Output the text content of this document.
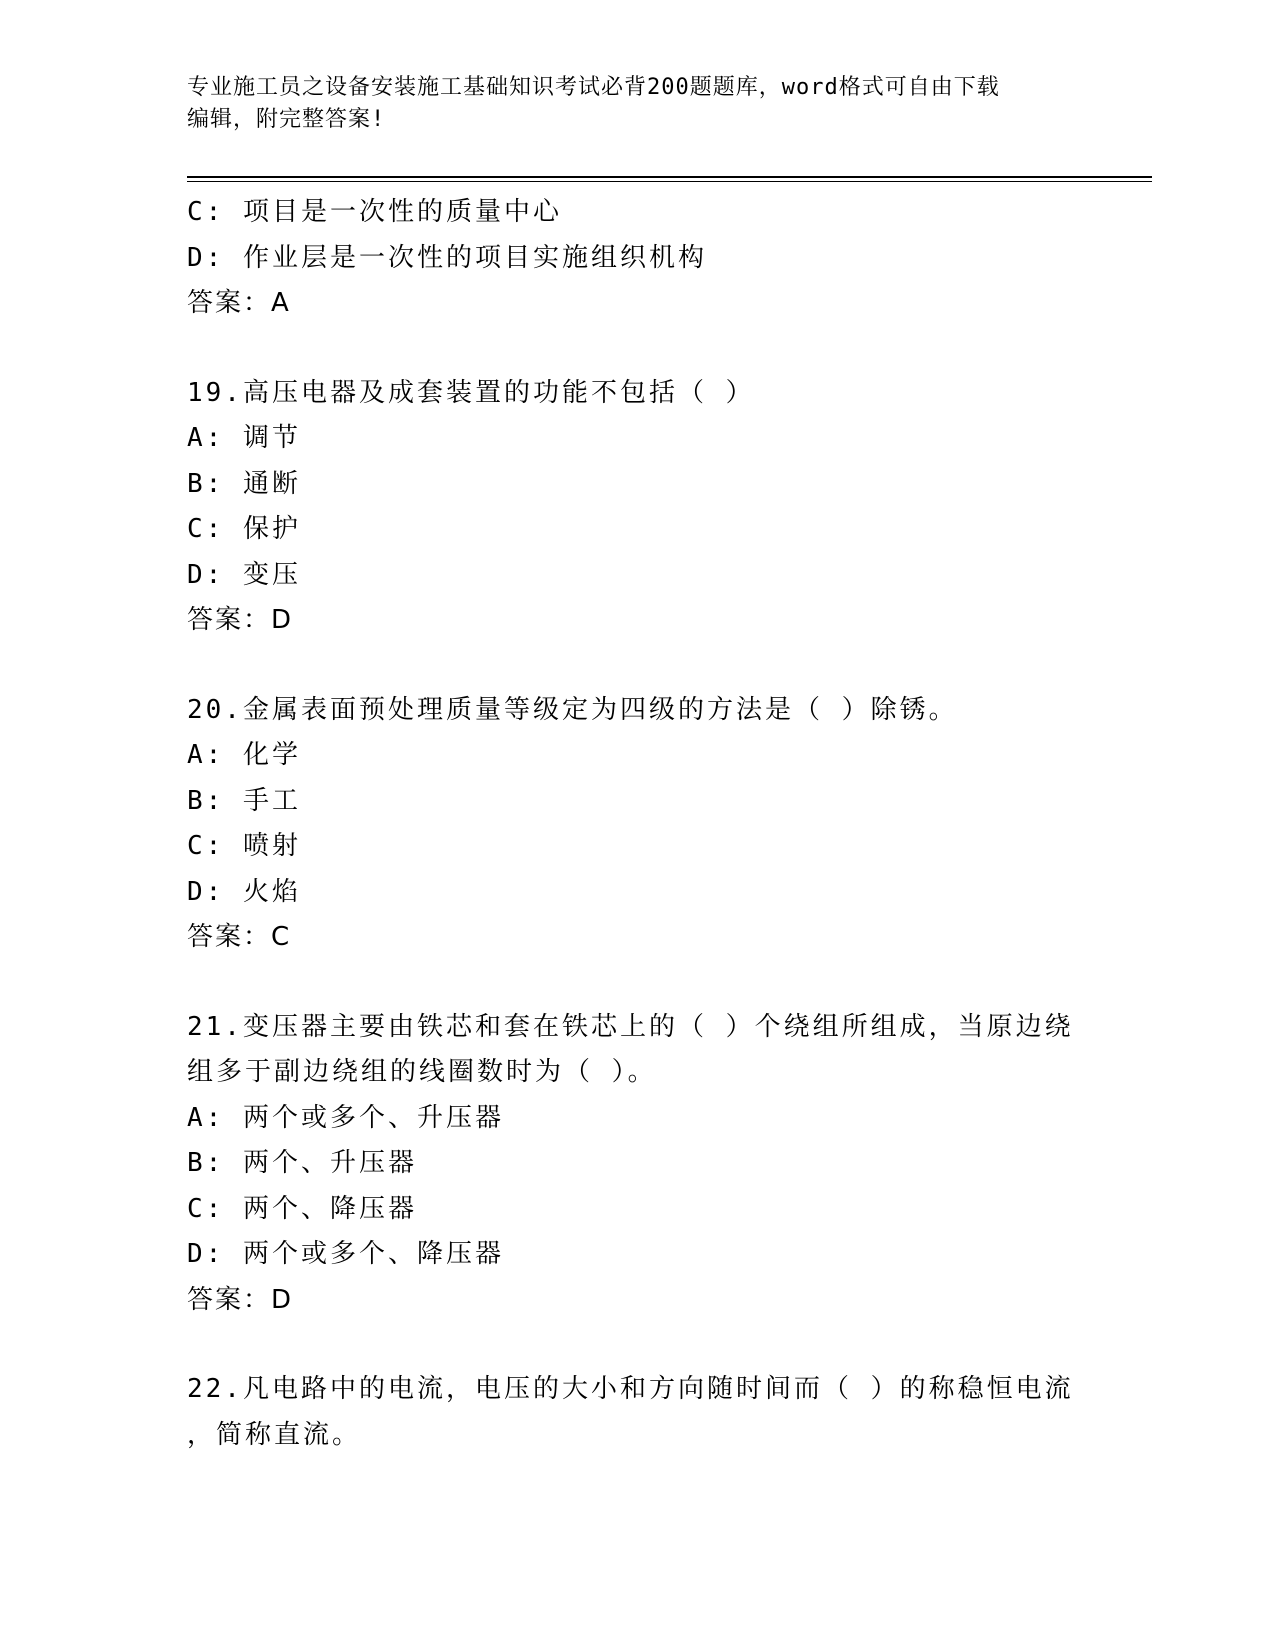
专业施工员之设备安装施工基础知识考试必背200题题库，word格式可自由下载
编辑，附完整答案!
C: 项目是一次性的质量中心
D: 作业层是一次性的项目实施组织机构
答案：A
19.高压电器及成套装置的功能不包括（ ）
A: 调节
B: 通断
C: 保护
D: 变压
答案：D
20.金属表面预处理质量等级定为四级的方法是（ ）除锈。
A: 化学
B: 手工
C: 喷射
D: 火焰
答案：C
21.变压器主要由铁芯和套在铁芯上的（ ）个绕组所组成，当原边绕
组多于副边绕组的线圈数时为（ ）。
A: 两个或多个、升压器
B: 两个、升压器
C: 两个、降压器
D: 两个或多个、降压器
答案：D
22.凡电路中的电流，电压的大小和方向随时间而（ ）的称稳恒电流
，简称直流。
